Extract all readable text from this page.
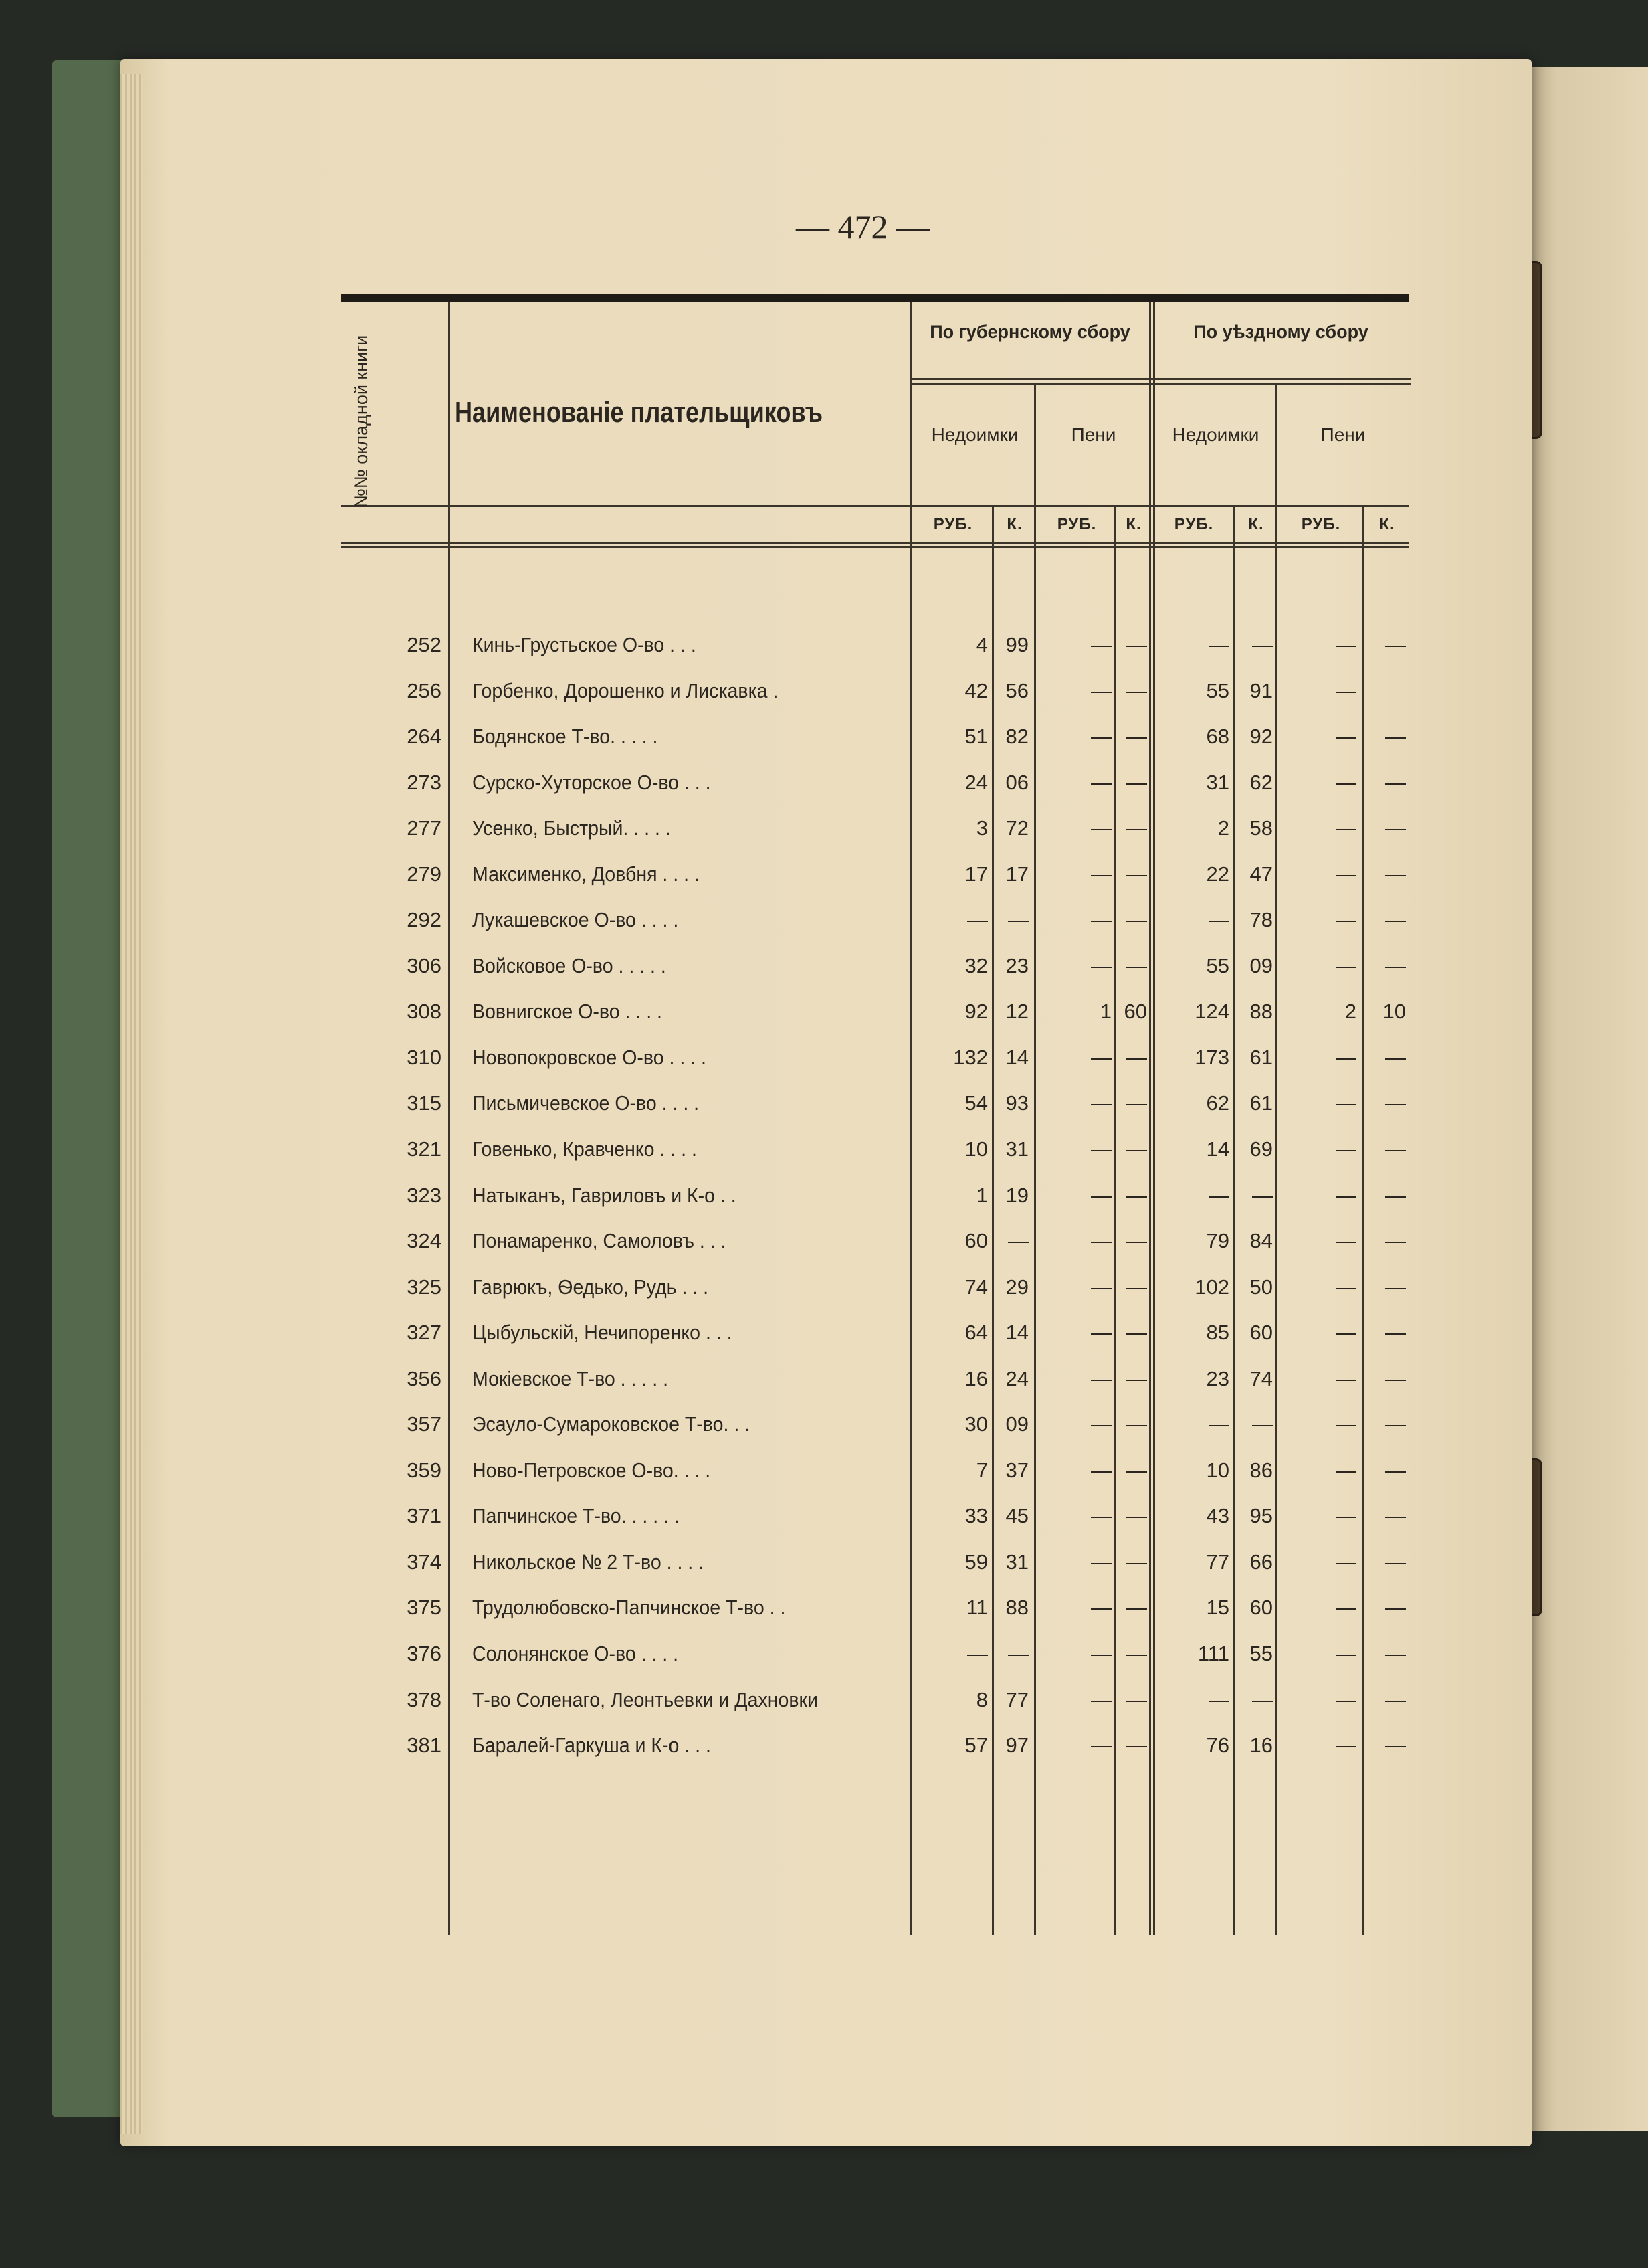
— 472 —
№№ окладной книги	Наименованіе плательщиковъ
По губернскому сбору	По уѣздному сбору
Недоимки	Пени	Недоимки	Пени
РУБ.	К.	РУБ.	К.	РУБ.	К.	РУБ.	К.
252 Кинь-Грустьское О-во . . .	4 99	— —	—	—	—	—
256 Горбенко, Дорошенко и Лискавка .	42 56	— —	55 91	—
264 Бодянское Т-во. . . . .	51 82	— —	68 92	—	—
273 Сурско-Хуторское О-во . . .	24 06	— —	31 62	—	—
277 Усенко, Быстрый. . . . .	3 72	— —	2 58	—	—
279 Максименко, Довбня . . . .	17 17	— —	22 47	—	—
292 Лукашевское О-во . . . .	— —	— —	— 78	—	—
306 Войсковое О-во . . . . .	32 23	— —	55 09	—	—
308 Вовнигское О-во . . . .	92 12	1 60	124 88	2	10
310 Новопокровское О-во . . . .	132 14	— —	173 61	—	—
315 Письмичевское О-во . . . .	54 93	— —	62 61	—	—
321 Говенько, Кравченко . . . .	10 31	— —	14 69	—	—
323 Натыканъ, Гавриловъ и К-о . .	1 19	— —	—	—	—	—
324 Понамаренко, Самоловъ . . .	60 —	— —	79 84	—	—
325 Гаврюкъ, Ѳедько, Рудь . . .	74 29	— —	102 50	—	—
327 Цыбульскій, Нечипоренко . . .	64 14	— —	85 60	—	—
356 Мокіевское Т-во . . . . .	16 24	— —	23 74	—	—
357 Эсаулo-Сумароковское Т-во. . .	30 09	— —	—	—	—	—
359 Ново-Петровское О-во. . . .	7 37	— —	10 86	—	—
371 Папчинское Т-во. . . . . .	33 45	— —	43 95	—	—
374 Никольское № 2 Т-во . . . .	59 31	— —	77 66	—	—
375 Трудолюбовско-Папчинское Т-во . .	11 88	— —	15 60	—	—
376 Солонянское О-во . . . .	— —	— —	111 55	—	—
378 Т-во Соленаго, Леонтьевки и Дахновки	8 77	— —	—	—	—	—
381 Баралей-Гаркуша и К-о . . .	57 97	— —	76 16	—	—
